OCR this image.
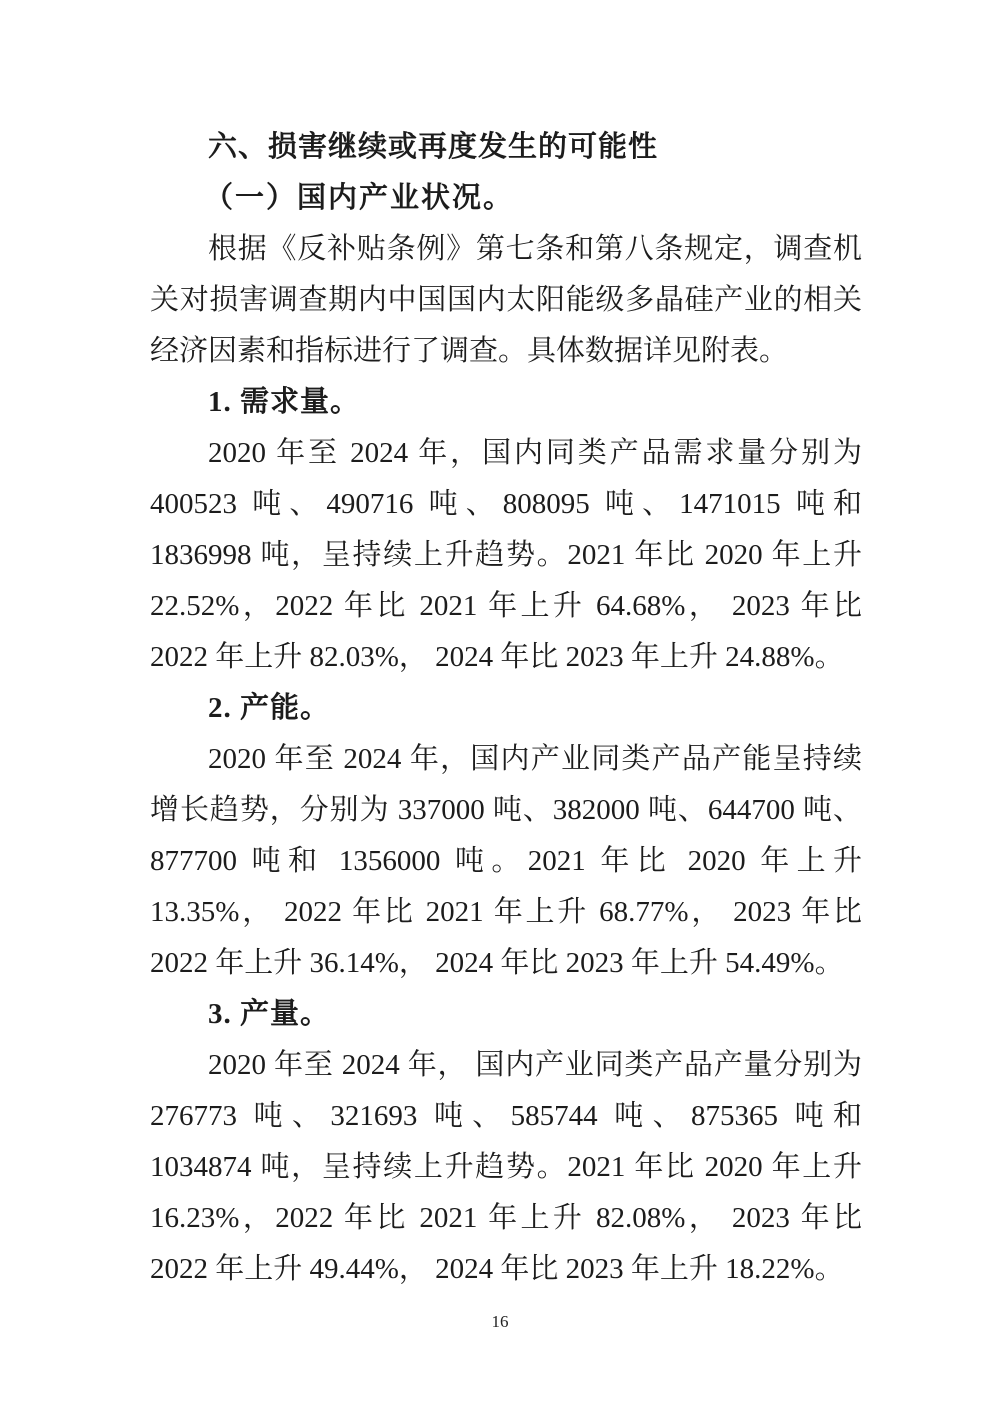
六、损害继续或再度发生的可能性
（一）国内产业状况。

根据《反补贴条例》第七条和第八条规定，调查机关对损害调查期内中国国内太阳能级多晶硅产业的相关经济因素和指标进行了调查。具体数据详见附表。

1. 需求量。

2020 年至 2024 年，国内同类产品需求量分别为 400523 吨、490716 吨、808095 吨、1471015 吨和 1836998 吨，呈持续上升趋势。2021 年比 2020 年上升 22.52%，2022 年比 2021 年上升 64.68%， 2023 年比 2022 年上升 82.03%， 2024 年比 2023 年上升 24.88%。

2. 产能。

2020 年至 2024 年，国内产业同类产品产能呈持续增长趋势，分别为 337000 吨、382000 吨、644700 吨、877700 吨和 1356000 吨。2021 年比 2020 年上升 13.35%， 2022 年比 2021 年上升 68.77%， 2023 年比 2022 年上升 36.14%， 2024 年比 2023 年上升 54.49%。

3. 产量。

2020 年至 2024 年， 国内产业同类产品产量分别为 276773 吨、321693 吨、585744 吨、875365 吨和 1034874 吨，呈持续上升趋势。2021 年比 2020 年上升 16.23%，2022 年比 2021 年上升 82.08%， 2023 年比 2022 年上升 49.44%， 2024 年比 2023 年上升 18.22%。

16
